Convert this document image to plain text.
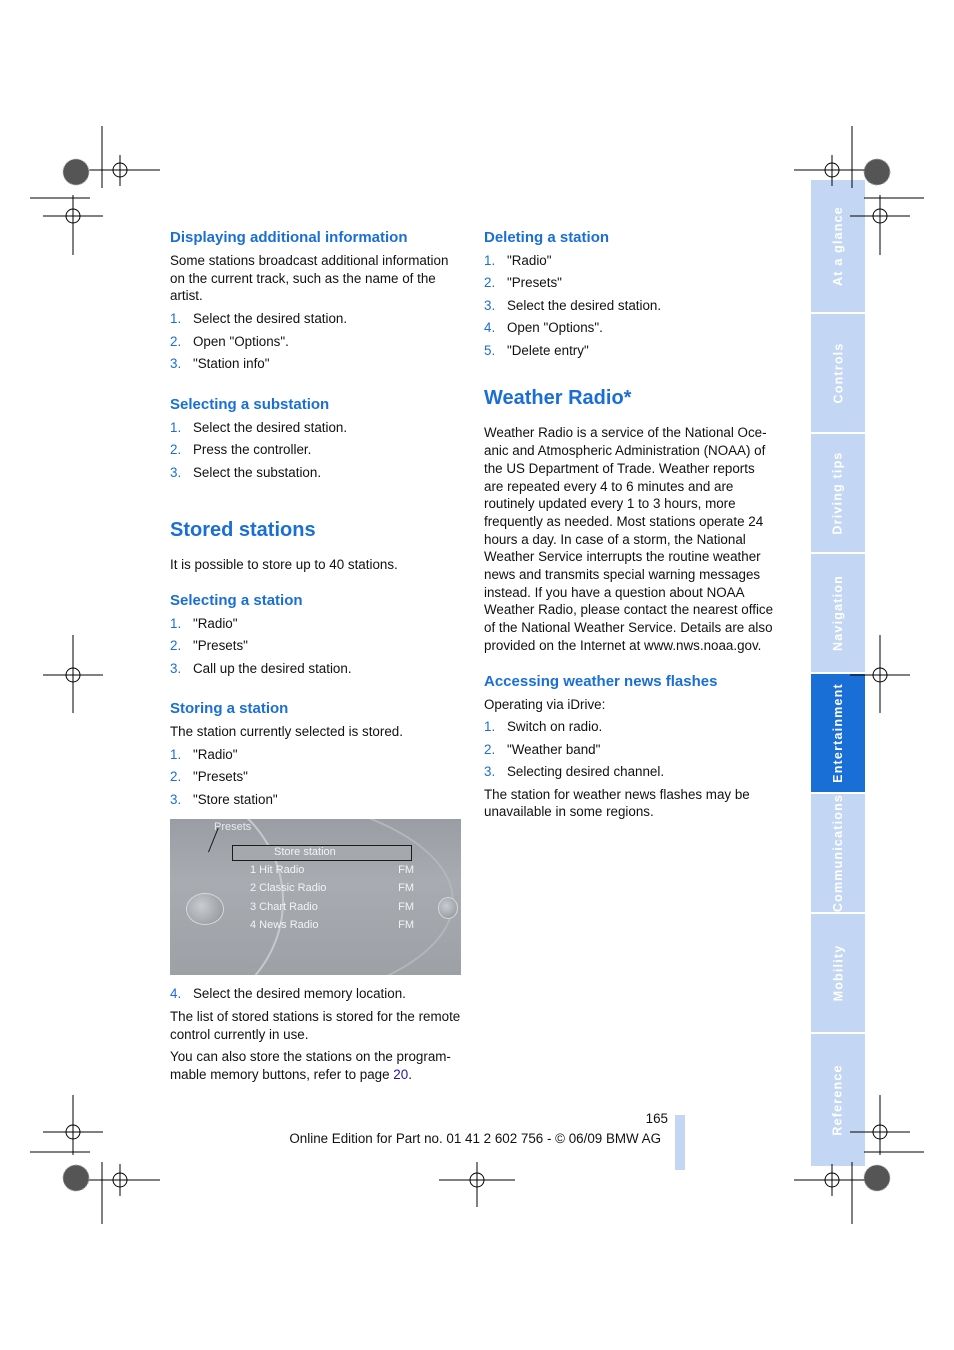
Displaying additional information

Some stations broadcast additional information on the current track, such as the name of the artist.

1. Select the desired station.
2. Open "Options".
3. "Station info"
Selecting a substation
1. Select the desired station.
2. Press the controller.
3. Select the substation.
Stored stations

It is possible to store up to 40 stations.

Selecting a station
1. "Radio"
2. "Presets"
3. Call up the desired station.
Storing a station

The station currently selected is stored.

1. "Radio"
2. "Presets"
3. "Store station"
Presets
Store station
1 Hit Radio	FM
2 Classic Radio	FM
3 Chart Radio	FM
4 News Radio	FM
4. Select the desired memory location.

The list of stored stations is stored for the remote control currently in use.

You can also store the stations on the program-mable memory buttons, refer to page 20.

Deleting a station
1. "Radio"
2. "Presets"
3. Select the desired station.
4. Open "Options".
5. "Delete entry"
Weather Radio*

Weather Radio is a service of the National Oce-anic and Atmospheric Administration (NOAA) of the US Department of Trade. Weather reports are repeated every 4 to 6 minutes and are routinely updated every 1 to 3 hours, more frequently as needed. Most stations operate 24 hours a day. In case of a storm, the National Weather Service interrupts the routine weather news and transmits special warning messages instead. If you have a question about NOAA Weather Radio, please contact the nearest office of the National Weather Service. Details are also provided on the Internet at www.nws.noaa.gov.

Accessing weather news flashes

Operating via iDrive:

1. Switch on radio.
2. "Weather band"
3. Selecting desired channel.

The station for weather news flashes may be unavailable in some regions.

At a glance
Controls
Driving tips
Navigation
Entertainment
Communications
Mobility
Reference
165
Online Edition for Part no. 01 41 2 602 756 - © 06/09 BMW AG
